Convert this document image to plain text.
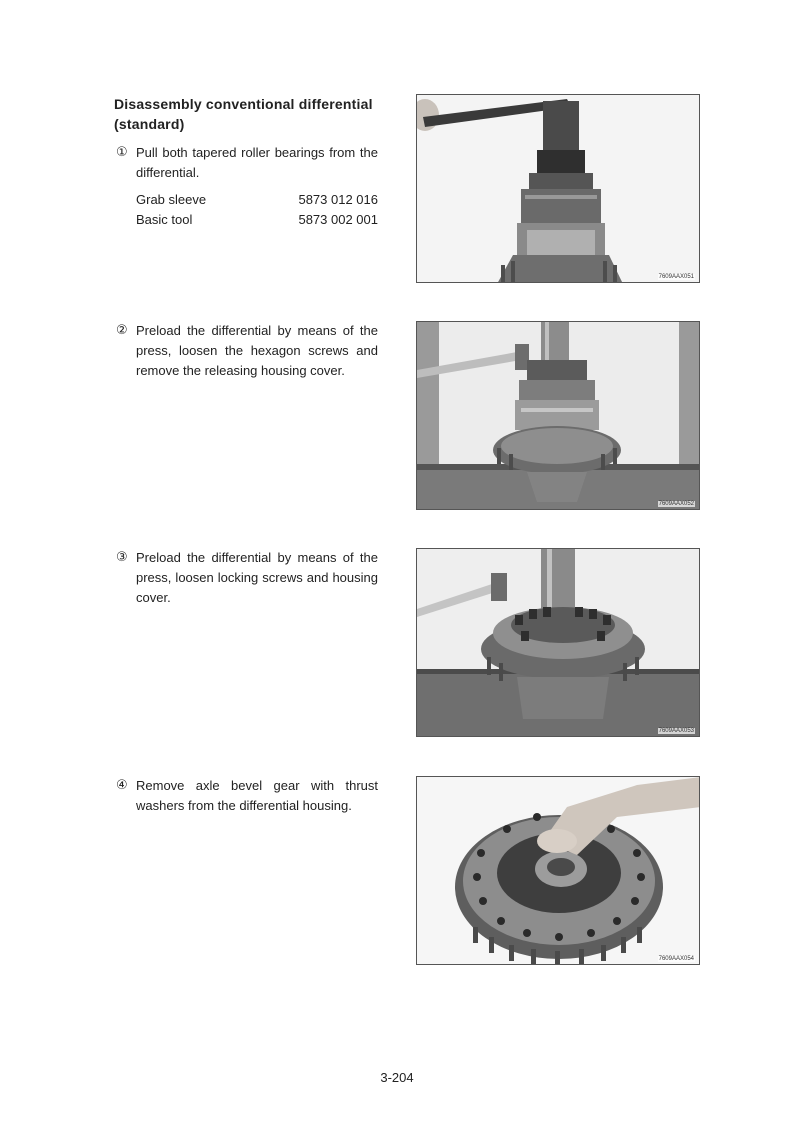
Disassembly conventional differential
(standard)
① Pull both tapered roller bearings from the differential.
Grab sleeve	5873 012 016
Basic tool	5873 002 001
② Preload the differential by means of the press, loosen the hexagon screws and remove the releasing housing cover.
③ Preload the differential by means of the press, loosen locking screws and housing cover.
④ Remove axle bevel gear with thrust washers from the differential housing.
7609AAX051
7609AAX052
7609AAX053
7609AAX054
3-204
